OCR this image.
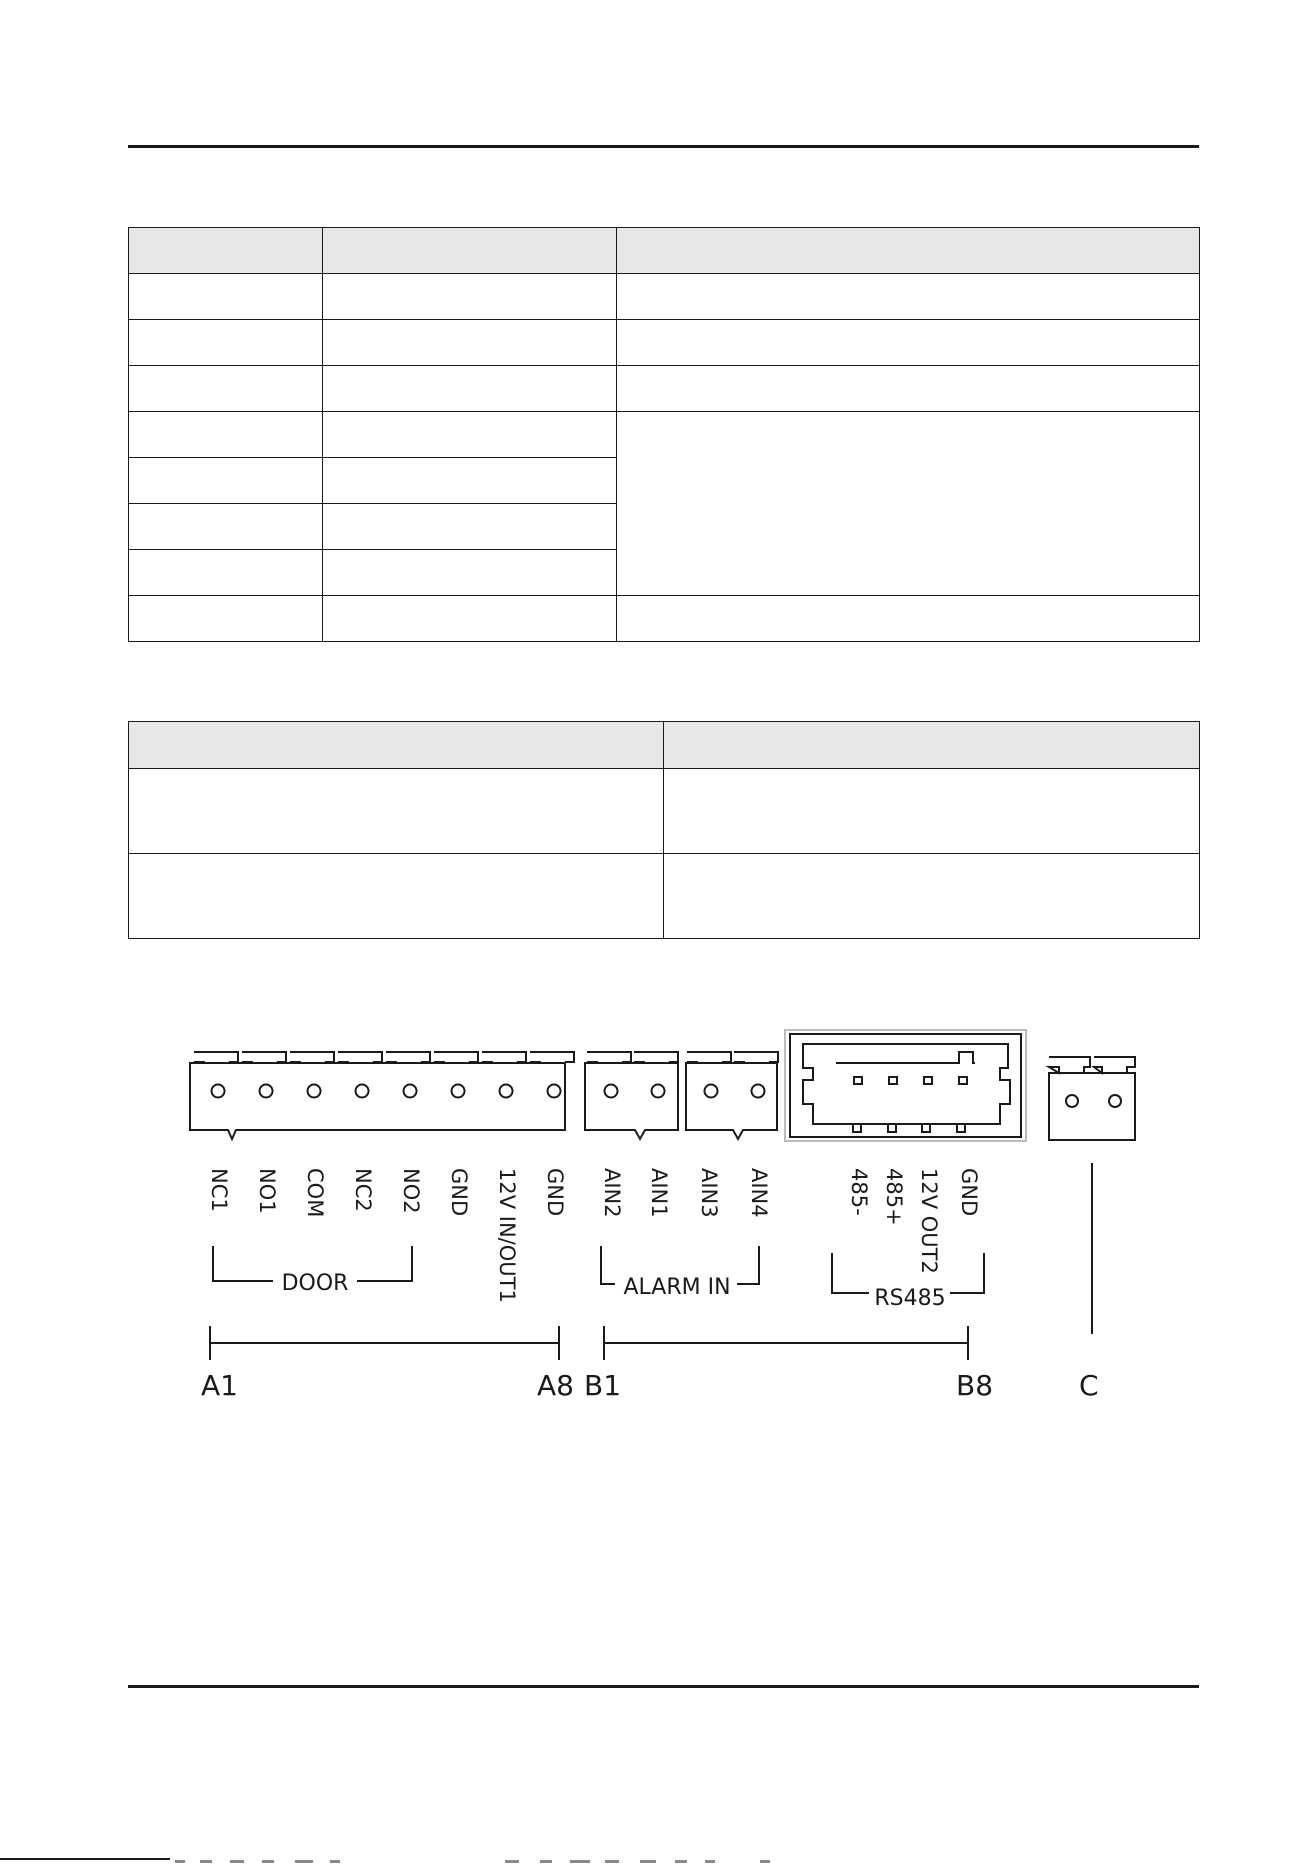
NC1 NO1 COM NC2 NO2 GND 12V IN/OUT1 GND AIN2 AIN1 AIN3 AIN4	485- 485+ 12V OUT2 GND
DOOR	ALARM IN	RS485
A1	A8 B1	B8	C
